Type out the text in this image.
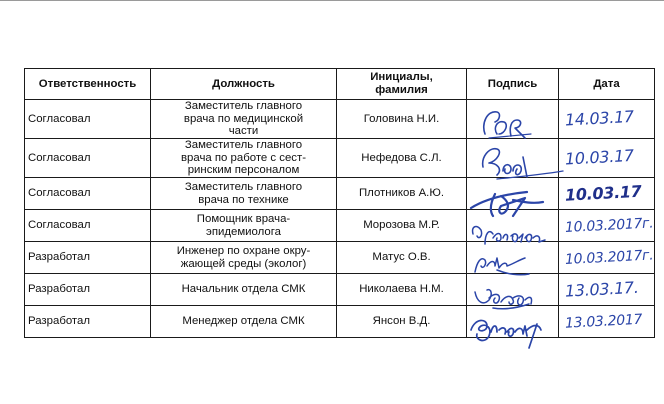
Ответственность	Должность	Инициалы,
фамилия	Подпись	Дата
Согласовал	Заместитель главного
врача по медицинской
части	Головина Н.И.		14.03.17

Согласовал	Заместитель главного
врача по работе с сест-
ринским персоналом	Нефедова С.Л.		10.03.17

Согласовал	Заместитель главного
врача по технике	Плотников А.Ю.		10.03.17

Согласовал	Помощник врача-
эпидемиолога	Морозова М.Р.		10.03.2017г.

Разработал	Инженер по охране окру-
жающей среды (эколог)	Матус О.В.		10.03.2017г.

Разработал	Начальник отдела СМК	Николаева Н.М.		13.03.17.

Разработал	Менеджер отдела СМК	Янсон В.Д.		13.03.2017
